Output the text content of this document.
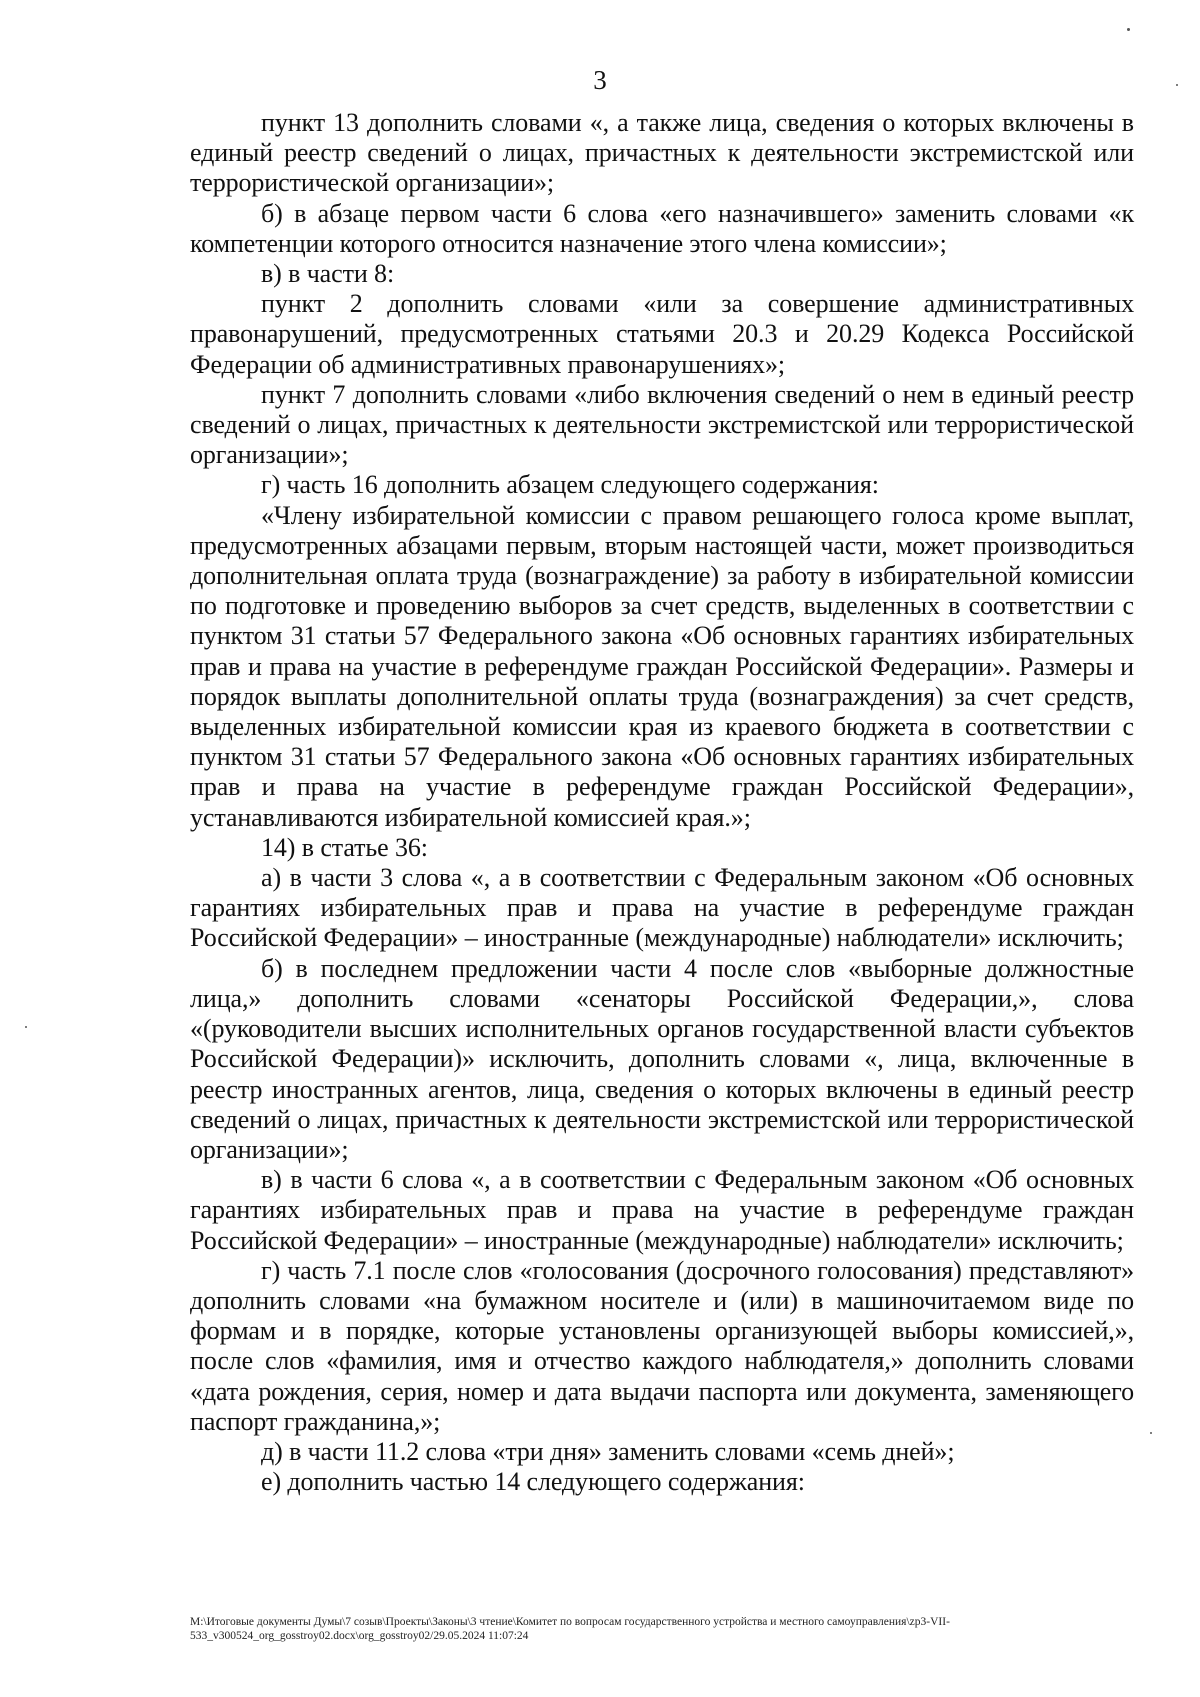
3

пункт 13 дополнить словами «, а также лица, сведения о которых включены в единый реестр сведений о лицах, причастных к деятельности экстремистской или террористической организации»;

б) в абзаце первом части 6 слова «его назначившего» заменить словами «к компетенции которого относится назначение этого члена комиссии»;

в) в части 8:

пункт 2 дополнить словами «или за совершение административных правонарушений, предусмотренных статьями 20.3 и 20.29 Кодекса Российской Федерации об административных правонарушениях»;

пункт 7 дополнить словами «либо включения сведений о нем в единый реестр сведений о лицах, причастных к деятельности экстремистской или террористической организации»;

г) часть 16 дополнить абзацем следующего содержания:

«Члену избирательной комиссии с правом решающего голоса кроме выплат, предусмотренных абзацами первым, вторым настоящей части, может производиться дополнительная оплата труда (вознаграждение) за работу в избирательной комиссии по подготовке и проведению выборов за счет средств, выделенных в соответствии с пунктом 31 статьи 57 Федерального закона «Об основных гарантиях избирательных прав и права на участие в референдуме граждан Российской Федерации». Размеры и порядок выплаты дополнительной оплаты труда (вознаграждения) за счет средств, выделенных избирательной комиссии края из краевого бюджета в соответствии с пунктом 31 статьи 57 Федерального закона «Об основных гарантиях избирательных прав и права на участие в референдуме граждан Российской Федерации», устанавливаются избирательной комиссией края.»;

14) в статье 36:

а) в части 3 слова «, а в соответствии с Федеральным законом «Об основных гарантиях избирательных прав и права на участие в референдуме граждан Российской Федерации» – иностранные (международные) наблюдатели» исключить;

б) в последнем предложении части 4 после слов «выборные должностные лица,» дополнить словами «сенаторы Российской Федерации,», слова «(руководители высших исполнительных органов государственной власти субъектов Российской Федерации)» исключить, дополнить словами «, лица, включенные в реестр иностранных агентов, лица, сведения о которых включены в единый реестр сведений о лицах, причастных к деятельности экстремистской или террористической организации»;

в) в части 6 слова «, а в соответствии с Федеральным законом «Об основных гарантиях избирательных прав и права на участие в референдуме граждан Российской Федерации» – иностранные (международные) наблюдатели» исключить;

г) часть 7.1 после слов «голосования (досрочного голосования) представляют» дополнить словами «на бумажном носителе и (или) в машиночитаемом виде по формам и в порядке, которые установлены организующей выборы комиссией,», после слов «фамилия, имя и отчество каждого наблюдателя,» дополнить словами «дата рождения, серия, номер и дата выдачи паспорта или документа, заменяющего паспорт гражданина,»;

д) в части 11.2 слова «три дня» заменить словами «семь дней»;

е) дополнить частью 14 следующего содержания:

M:\Итоговые документы Думы\7 созыв\Проекты\Законы\3 чтение\Комитет по вопросам государственного устройства и местного самоуправления\zp3-VII-
533_v300524_org_gosstroy02.docx\org_gosstroy02/29.05.2024 11:07:24
